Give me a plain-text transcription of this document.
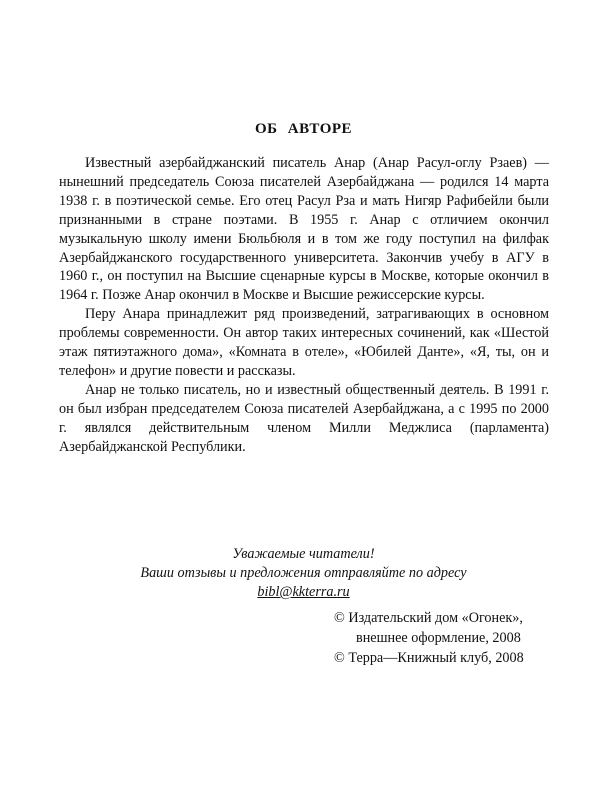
ОБ АВТОРЕ

Известный азербайджанский писатель Анар (Анар Расул-оглу Рзаев) — нынешний председатель Союза писателей Азербайджана — родился 14 марта 1938 г. в поэтической семье. Его отец Расул Рза и мать Нигяр Рафибейли были признанными в стране поэтами. В 1955 г. Анар с отличием окончил музыкальную школу имени Бюльбюля и в том же году поступил на филфак Азербайджанского государственного университета. Закончив учебу в АГУ в 1960 г., он поступил на Высшие сценарные курсы в Москве, которые окончил в 1964 г. Позже Анар окончил в Москве и Высшие режиссерские курсы.

Перу Анара принадлежит ряд произведений, затрагивающих в основном проблемы современности. Он автор таких интересных сочинений, как «Шестой этаж пятиэтажного дома», «Комната в отеле», «Юбилей Данте», «Я, ты, он и телефон» и другие повести и рассказы.

Анар не только писатель, но и известный общественный деятель. В 1991 г. он был избран председателем Союза писателей Азербайджана, а с 1995 по 2000 г. являлся действительным членом Милли Меджлиса (парламента) Азербайджанской Республики.

Уважаемые читатели!
Ваши отзывы и предложения отправляйте по адресу
bibl@kkterra.ru
© Издательский дом «Огонек»,
внешнее оформление, 2008
© Терра—Книжный клуб, 2008
